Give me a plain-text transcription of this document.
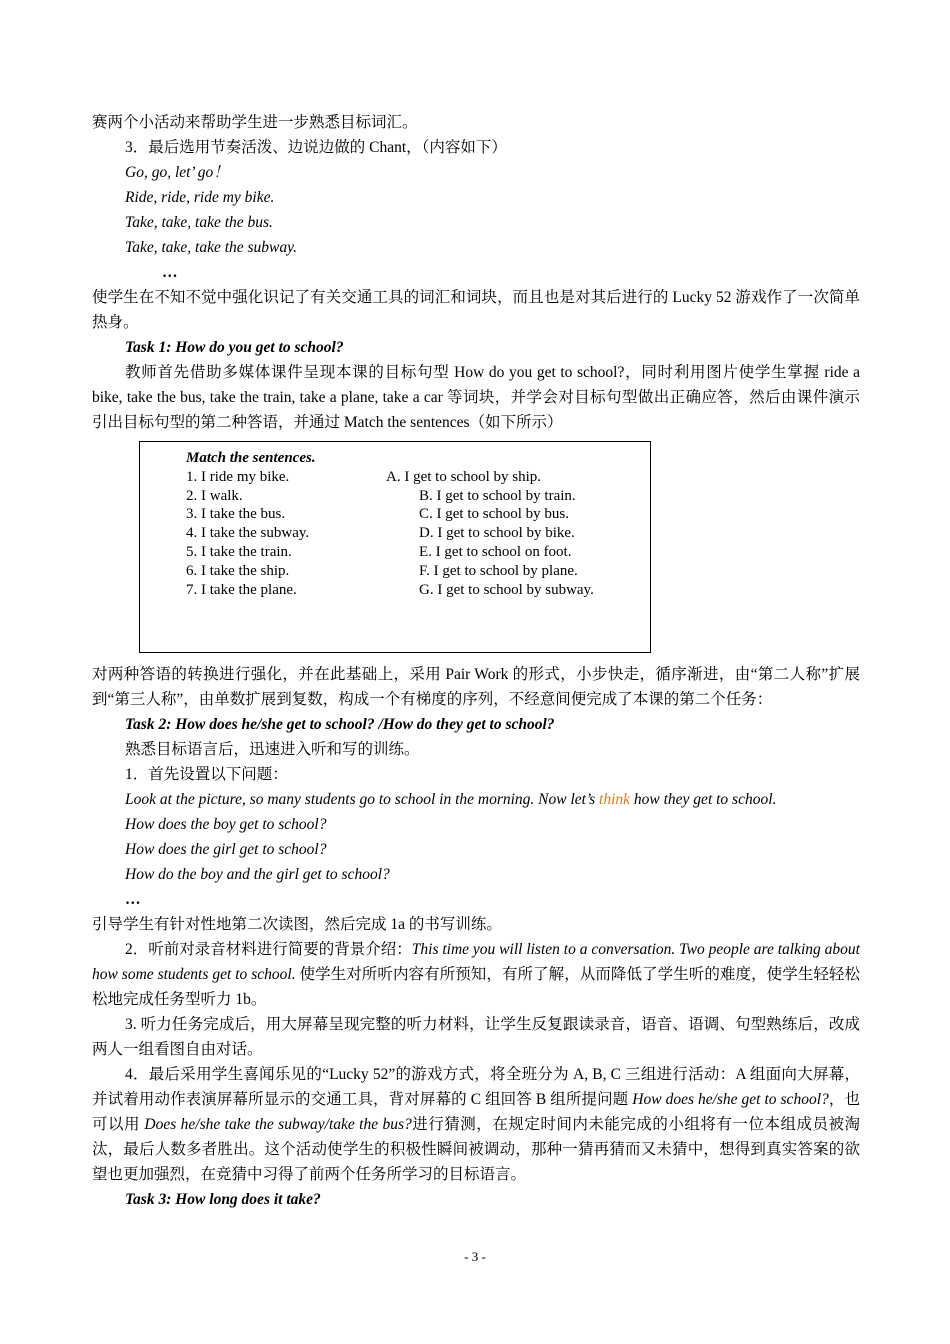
赛两个小活动来帮助学生进一步熟悉目标词汇。

3．最后选用节奏活泼、边说边做的 Chant，（内容如下）

Go, go, let’ go！

Ride, ride, ride my bike.

Take, take, take the bus.

Take, take, take the subway.

…

使学生在不知不觉中强化识记了有关交通工具的词汇和词块，而且也是对其后进行的 Lucky 52 游戏作了一次简单热身。

Task 1: How do you get to school?

教师首先借助多媒体课件呈现本课的目标句型 How do you get to school?，同时利用图片使学生掌握 ride a bike, take the bus, take the train, take a plane, take a car 等词块，并学会对目标句型做出正确应答，然后由课件演示引出目标句型的第二种答语，并通过 Match the sentences（如下所示）

Match the sentences.
1. I ride my bike.	A. I get to school by ship.
2. I walk.	B. I get to school by train.
3. I take the bus.	C. I get to school by bus.
4. I take the subway.	D. I get to school by bike.
5. I take the train.	E. I get to school on foot.
6. I take the ship.	F. I get to school by plane.
7. I take the plane.	G. I get to school by subway.

对两种答语的转换进行强化，并在此基础上，采用 Pair Work 的形式，小步快走，循序渐进，由“第二人称”扩展到“第三人称”，由单数扩展到复数，构成一个有梯度的序列，不经意间便完成了本课的第二个任务：

Task 2: How does he/she get to school? /How do they get to school?

熟悉目标语言后，迅速进入听和写的训练。

1．首先设置以下问题：

Look at the picture, so many students go to school in the morning. Now let’s think how they get to school.

How does the boy get to school?

How does the girl get to school?

How do the boy and the girl get to school?

…

引导学生有针对性地第二次读图，然后完成 1a 的书写训练。

2．听前对录音材料进行简要的背景介绍：This time you will listen to a conversation. Two people are talking about how some students get to school. 使学生对所听内容有所预知，有所了解，从而降低了学生听的难度，使学生轻轻松松地完成任务型听力 1b。

3. 听力任务完成后，用大屏幕呈现完整的听力材料，让学生反复跟读录音，语音、语调、句型熟练后，改成两人一组看图自由对话。

4．最后采用学生喜闻乐见的“Lucky 52”的游戏方式，将全班分为 A, B, C 三组进行活动：A 组面向大屏幕，并试着用动作表演屏幕所显示的交通工具，背对屏幕的 C 组回答 B 组所提问题 How does he/she get to school?，也可以用 Does he/she take the subway/take the bus?进行猜测，在规定时间内未能完成的小组将有一位本组成员被淘汰，最后人数多者胜出。这个活动使学生的积极性瞬间被调动，那种一猜再猜而又未猜中，想得到真实答案的欲望也更加强烈，在竞猜中习得了前两个任务所学习的目标语言。

Task 3: How long does it take?

- 3 -
